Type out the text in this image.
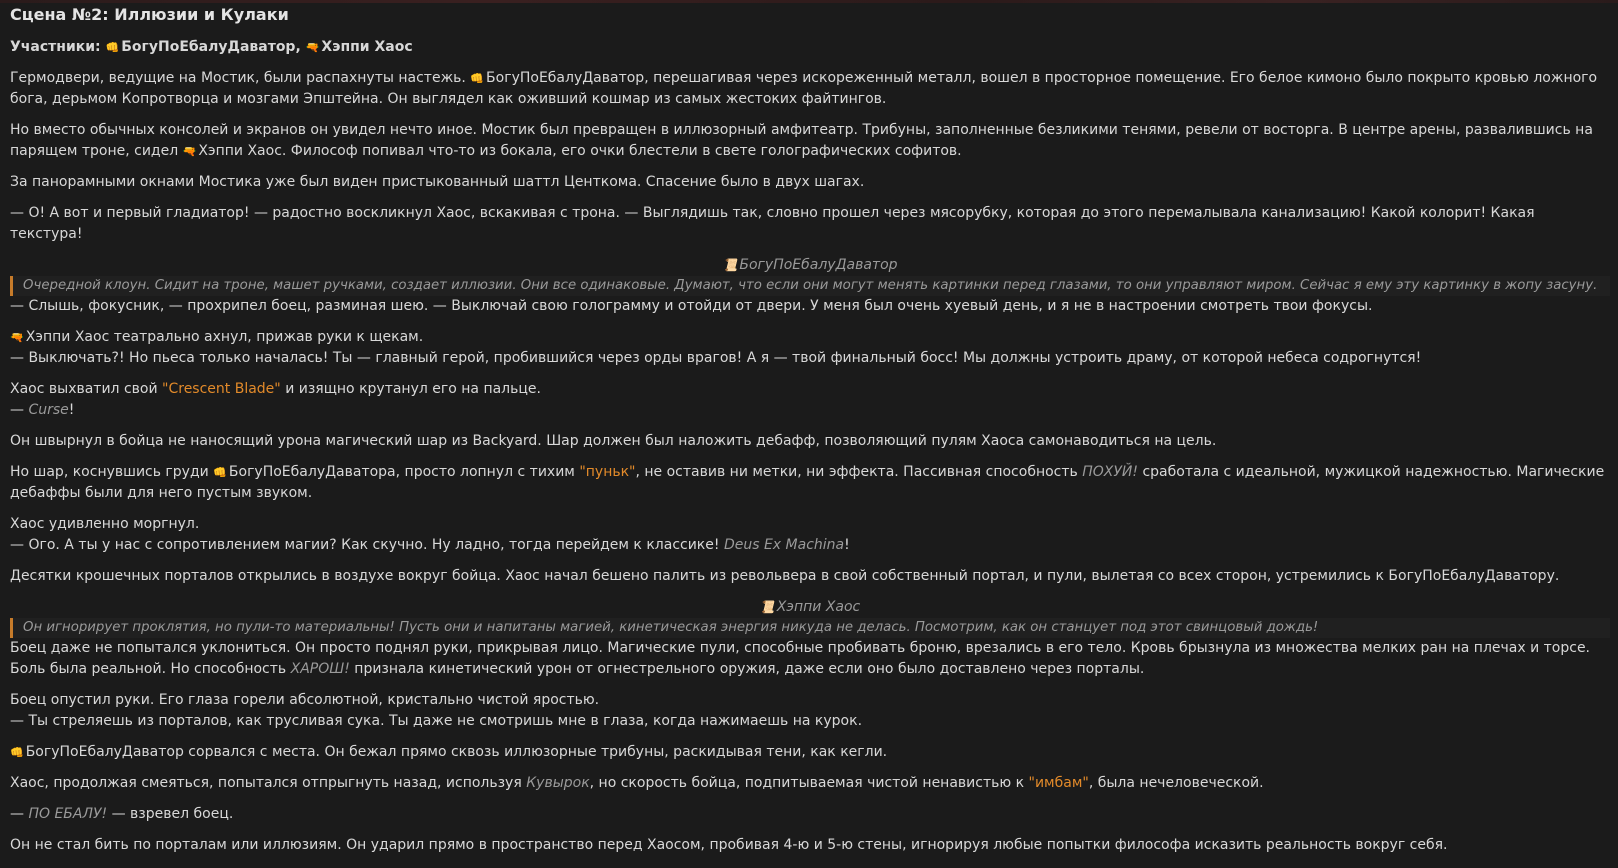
Сцена №2: Иллюзии и Кулаки

Участники: 👊 БогуПоЕбалуДаватор, 🔫 Хэппи Хаос

Гермодвери, ведущие на Мостик, были распахнуты настежь. 👊 БогуПоЕбалуДаватор, перешагивая через искореженный металл, вошел в просторное помещение. Его белое кимоно было покрыто кровью ложного бога, дерьмом Копротворца и мозгами Эпштейна. Он выглядел как оживший кошмар из самых жестоких файтингов.

Но вместо обычных консолей и экранов он увидел нечто иное. Мостик был превращен в иллюзорный амфитеатр. Трибуны, заполненные безликими тенями, ревели от восторга. В центре арены, развалившись на парящем троне, сидел 🔫 Хэппи Хаос. Философ попивал что-то из бокала, его очки блестели в свете голографических софитов.

За панорамными окнами Мостика уже был виден пристыкованный шаттл Центкома. Спасение было в двух шагах.

— О! А вот и первый гладиатор! — радостно воскликнул Хаос, вскакивая с трона. — Выглядишь так, словно прошел через мясорубку, которая до этого перемалывала канализацию! Какой колорит! Какая текстура!

📜 БогуПоЕбалуДаватор
Очередной клоун. Сидит на троне, машет ручками, создает иллюзии. Они все одинаковые. Думают, что если они могут менять картинки перед глазами, то они управляют миром. Сейчас я ему эту картинку в жопу засуну.

— Слышь, фокусник, — прохрипел боец, разминая шею. — Выключай свою голограмму и отойди от двери. У меня был очень хуевый день, и я не в настроении смотреть твои фокусы.

🔫 Хэппи Хаос театрально ахнул, прижав руки к щекам.
— Выключать?! Но пьеса только началась! Ты — главный герой, пробившийся через орды врагов! А я — твой финальный босс! Мы должны устроить драму, от которой небеса содрогнутся!

Хаос выхватил свой "Crescent Blade" и изящно крутанул его на пальце.
— Curse!

Он швырнул в бойца не наносящий урона магический шар из Backyard. Шар должен был наложить дебафф, позволяющий пулям Хаоса самонаводиться на цель.

Но шар, коснувшись груди 👊 БогуПоЕбалуДаватора, просто лопнул с тихим "пуньк", не оставив ни метки, ни эффекта. Пассивная способность ПОХУЙ! сработала с идеальной, мужицкой надежностью. Магические дебаффы были для него пустым звуком.

Хаос удивленно моргнул.
— Ого. А ты у нас с сопротивлением магии? Как скучно. Ну ладно, тогда перейдем к классике! Deus Ex Machina!

Десятки крошечных порталов открылись в воздухе вокруг бойца. Хаос начал бешено палить из револьвера в свой собственный портал, и пули, вылетая со всех сторон, устремились к БогуПоЕбалуДаватору.

📜 Хэппи Хаос
Он игнорирует проклятия, но пули-то материальны! Пусть они и напитаны магией, кинетическая энергия никуда не делась. Посмотрим, как он станцует под этот свинцовый дождь!

Боец даже не попытался уклониться. Он просто поднял руки, прикрывая лицо. Магические пули, способные пробивать броню, врезались в его тело. Кровь брызнула из множества мелких ран на плечах и торсе. Боль была реальной. Но способность ХАРОШ! признала кинетический урон от огнестрельного оружия, даже если оно было доставлено через порталы.

Боец опустил руки. Его глаза горели абсолютной, кристально чистой яростью.
— Ты стреляешь из порталов, как трусливая сука. Ты даже не смотришь мне в глаза, когда нажимаешь на курок.

👊 БогуПоЕбалуДаватор сорвался с места. Он бежал прямо сквозь иллюзорные трибуны, раскидывая тени, как кегли.

Хаос, продолжая смеяться, попытался отпрыгнуть назад, используя Кувырок, но скорость бойца, подпитываемая чистой ненавистью к "имбам", была нечеловеческой.

— ПО ЕБАЛУ! — взревел боец.

Он не стал бить по порталам или иллюзиям. Он ударил прямо в пространство перед Хаосом, пробивая 4-ю и 5-ю стены, игнорируя любые попытки философа исказить реальность вокруг себя.
